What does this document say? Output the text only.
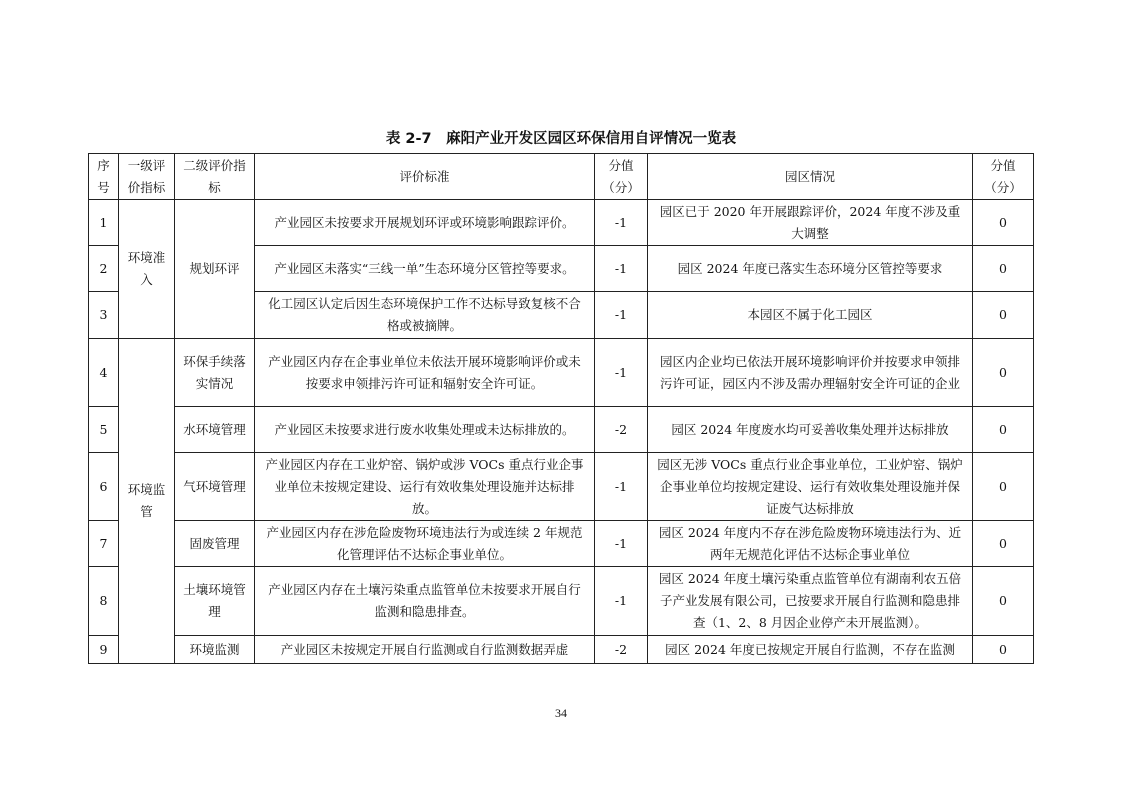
表 2-7　麻阳产业开发区园区环保信用自评情况一览表
序号	一级评价指标	二级评价指标	评价标准	分值（分）	园区情况	分值（分）
1	环境准入	规划环评	产业园区未按要求开展规划环评或环境影响跟踪评价。	-1	园区已于 2020 年开展跟踪评价，2024 年度不涉及重大调整	0
2			产业园区未落实“三线一单”生态环境分区管控等要求。	-1	园区 2024 年度已落实生态环境分区管控等要求	0
3			化工园区认定后因生态环境保护工作不达标导致复核不合格或被摘牌。	-1	本园区不属于化工园区	0
4	环境监管	环保手续落实情况	产业园区内存在企事业单位未依法开展环境影响评价或未按要求申领排污许可证和辐射安全许可证。	-1	园区内企业均已依法开展环境影响评价并按要求申领排污许可证，园区内不涉及需办理辐射安全许可证的企业	0
5		水环境管理	产业园区未按要求进行废水收集处理或未达标排放的。	-2	园区 2024 年度废水均可妥善收集处理并达标排放	0
6		气环境管理	产业园区内存在工业炉窑、锅炉或涉 VOCs 重点行业企事业单位未按规定建设、运行有效收集处理设施并达标排放。	-1	园区无涉 VOCs 重点行业企事业单位，工业炉窑、锅炉企事业单位均按规定建设、运行有效收集处理设施并保证废气达标排放	0
7		固废管理	产业园区内存在涉危险废物环境违法行为或连续 2 年规范化管理评估不达标企事业单位。	-1	园区 2024 年度内不存在涉危险废物环境违法行为、近两年无规范化评估不达标企事业单位	0
8		土壤环境管理	产业园区内存在土壤污染重点监管单位未按要求开展自行监测和隐患排查。	-1	园区 2024 年度土壤污染重点监管单位有湖南利农五倍子产业发展有限公司，已按要求开展自行监测和隐患排查（1、2、8 月因企业停产未开展监测）。	0
9		环境监测	产业园区未按规定开展自行监测或自行监测数据弄虚	-2	园区 2024 年度已按规定开展自行监测，不存在监测	0
34
